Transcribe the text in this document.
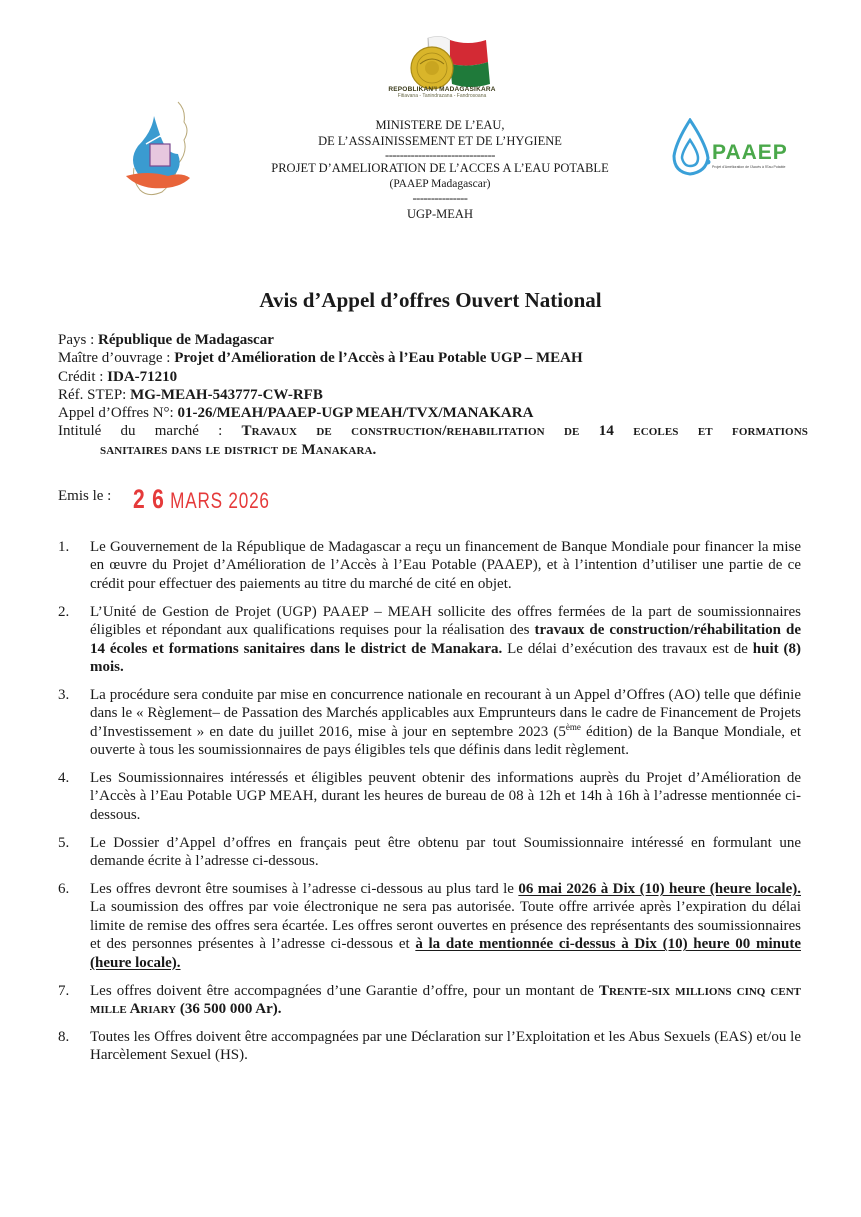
REPOBLIKAN'I MADAGASIKARA
Fitiavana - Tanindrazana - Fandrosoana
PAAEP
Projet d'Amélioration de l'Accès à l'Eau Potable
MINISTERE DE L’EAU,
DE L’ASSAINISSEMENT ET DE L’HYGIENE
------------------------------
PROJET D’AMELIORATION DE L’ACCES A L’EAU POTABLE
(PAAEP Madagascar)
---------------
UGP-MEAH
Avis d’Appel d’offres Ouvert National
Pays : République de Madagascar
Maître d’ouvrage : Projet d’Amélioration de l’Accès à l’Eau Potable UGP – MEAH
Crédit : IDA-71210
Réf. STEP: MG-MEAH-543777-CW-RFB
Appel d’Offres N°: 01-26/MEAH/PAAEP-UGP MEAH/TVX/MANAKARA
Intitulé du marché : Travaux de construction/rehabilitation de 14 ecoles et formations
sanitaires dans le district de Manakara.
Emis le : 2 6 MARS 2026
1. Le Gouvernement de la République de Madagascar a reçu un financement de Banque Mondiale pour financer la mise en œuvre du Projet d’Amélioration de l’Accès à l’Eau Potable (PAAEP), et à l’intention d’utiliser une partie de ce crédit pour effectuer des paiements au titre du marché de cité en objet.
2. L’Unité de Gestion de Projet (UGP) PAAEP – MEAH sollicite des offres fermées de la part de soumissionnaires éligibles et répondant aux qualifications requises pour la réalisation des travaux de construction/réhabilitation de 14 écoles et formations sanitaires dans le district de Manakara. Le délai d’exécution des travaux est de huit (8) mois.
3. La procédure sera conduite par mise en concurrence nationale en recourant à un Appel d’Offres (AO) telle que définie dans le « Règlement– de Passation des Marchés applicables aux Emprunteurs dans le cadre de Financement de Projets d’Investissement » en date du juillet 2016, mise à jour en septembre 2023 (5ème édition) de la Banque Mondiale, et ouverte à tous les soumissionnaires de pays éligibles tels que définis dans ledit règlement.
4. Les Soumissionnaires intéressés et éligibles peuvent obtenir des informations auprès du Projet d’Amélioration de l’Accès à l’Eau Potable UGP MEAH, durant les heures de bureau de 08 à 12h et 14h à 16h à l’adresse mentionnée ci-dessous.
5. Le Dossier d’Appel d’offres en français peut être obtenu par tout Soumissionnaire intéressé en formulant une demande écrite à l’adresse ci-dessous.
6. Les offres devront être soumises à l’adresse ci-dessous au plus tard le 06 mai 2026 à Dix (10) heure (heure locale). La soumission des offres par voie électronique ne sera pas autorisée. Toute offre arrivée après l’expiration du délai limite de remise des offres sera écartée. Les offres seront ouvertes en présence des représentants des soumissionnaires et des personnes présentes à l’adresse ci-dessous et à la date mentionnée ci-dessus à Dix (10) heure 00 minute (heure locale).
7. Les offres doivent être accompagnées d’une Garantie d’offre, pour un montant de Trente-six millions cinq cent mille Ariary (36 500 000 Ar).
8. Toutes les Offres doivent être accompagnées par une Déclaration sur l’Exploitation et les Abus Sexuels (EAS) et/ou le Harcèlement Sexuel (HS).
